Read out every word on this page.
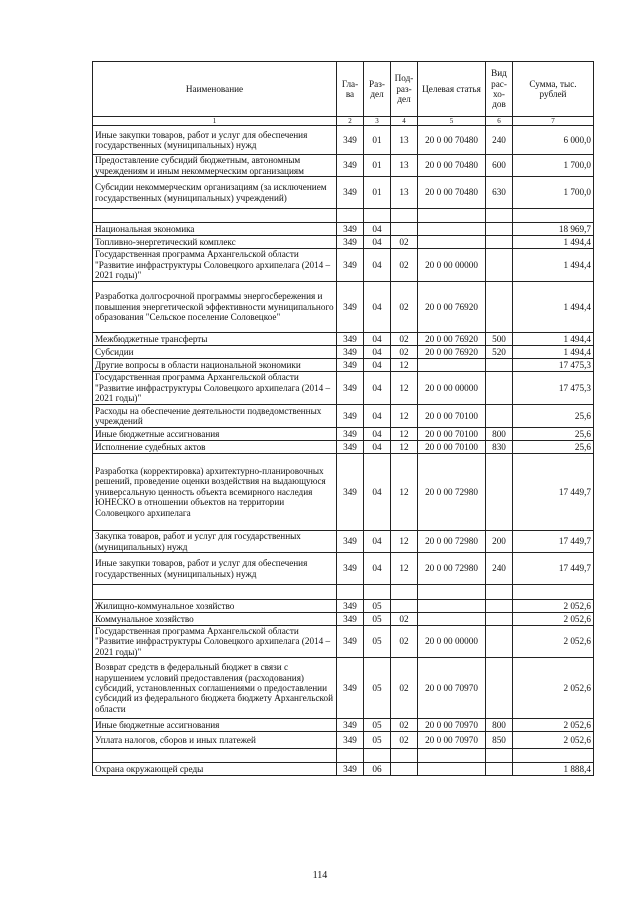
Наименование	Гла-ва	Раз-дел	Под-раз-дел	Целевая статья	Вид рас-хо-дов	Сумма, тыс. рублей
1	2	3	4	5	6	7
Иные закупки товаров, работ и услуг для обеспечения государственных (муниципальных) нужд	349	01	13	20 0 00 70480	240	6 000,0
Предоставление субсидий бюджетным, автономным учреждениям и иным некоммерческим организациям	349	01	13	20 0 00 70480	600	1 700,0
Субсидии некоммерческим организациям (за исключением государственных (муниципальных) учреждений)	349	01	13	20 0 00 70480	630	1 700,0

Национальная экономика	349	04				18 969,7
Топливно-энергетический комплекс	349	04	02			1 494,4
Государственная программа Архангельской области "Развитие инфраструктуры Соловецкого архипелага (2014 – 2021 годы)"	349	04	02	20 0 00 00000		1 494,4
Разработка долгосрочной программы энергосбережения и повышения энергетической эффективности муниципального образования "Сельское поселение Соловецкое"	349	04	02	20 0 00 76920		1 494,4
Межбюджетные трансферты	349	04	02	20 0 00 76920	500	1 494,4
Субсидии	349	04	02	20 0 00 76920	520	1 494,4
Другие вопросы в области национальной экономики	349	04	12			17 475,3
Государственная программа Архангельской области "Развитие инфраструктуры Соловецкого архипелага (2014 – 2021 годы)"	349	04	12	20 0 00 00000		17 475,3
Расходы на обеспечение деятельности подведомственных учреждений	349	04	12	20 0 00 70100		25,6
Иные бюджетные ассигнования	349	04	12	20 0 00 70100	800	25,6
Исполнение судебных актов	349	04	12	20 0 00 70100	830	25,6
Разработка (корректировка) архитектурно-планировочных решений, проведение оценки воздействия на выдающуюся универсальную ценность объекта всемирного наследия ЮНЕСКО в отношении объектов на территории Соловецкого архипелага	349	04	12	20 0 00 72980		17 449,7
Закупка товаров, работ и услуг для государственных (муниципальных) нужд	349	04	12	20 0 00 72980	200	17 449,7
Иные закупки товаров, работ и услуг для обеспечения государственных (муниципальных) нужд	349	04	12	20 0 00 72980	240	17 449,7

Жилищно-коммунальное хозяйство	349	05				2 052,6
Коммунальное хозяйство	349	05	02			2 052,6
Государственная программа Архангельской области "Развитие инфраструктуры Соловецкого архипелага (2014 – 2021 годы)"	349	05	02	20 0 00 00000		2 052,6
Возврат средств в федеральный бюджет в связи с нарушением условий предоставления (расходования) субсидий, установленных соглашениями о предоставлении субсидий из федерального бюджета бюджету Архангельской области	349	05	02	20 0 00 70970		2 052,6
Иные бюджетные ассигнования	349	05	02	20 0 00 70970	800	2 052,6
Уплата налогов, сборов и иных платежей	349	05	02	20 0 00 70970	850	2 052,6

Охрана окружающей среды	349	06				1 888,4
114
